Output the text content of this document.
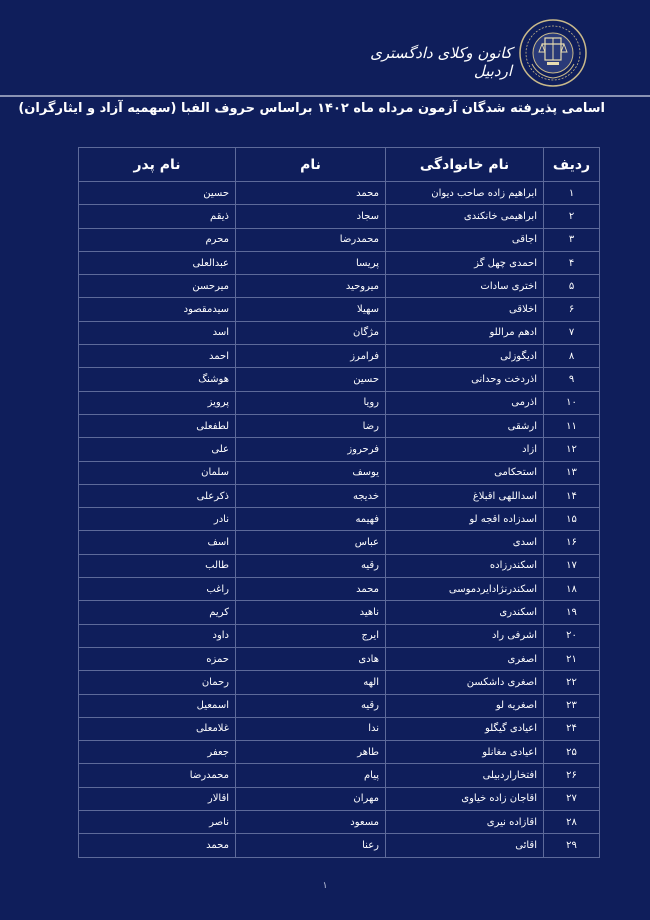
کانون وکلای دادگستری اردبیل
اسامی پذیرفته شدگان آزمون مرداه ماه ۱۴۰۲ براساس حروف الفبا (سهمیه آزاد و ایثارگران)
ردیف	نام خانوادگی	نام	نام پدر
۱	ابراهیم زاده صاحب دیوان	محمد	حسین
۲	ابراهیمی خانکندی	سجاد	ذیقم
۳	اجاقی	محمدرضا	محرم
۴	احمدی چهل گز	پریسا	عبدالعلی
۵	اختری سادات	میروحید	میرحسن
۶	اخلاقی	سهیلا	سیدمقصود
۷	ادهم مراللو	مژگان	اسد
۸	ادیگوزلی	فرامرز	احمد
۹	اذردخت وحدانی	حسین	هوشنگ
۱۰	اذرمی	رویا	پرویز
۱۱	ارشقی	رضا	لطفعلی
۱۲	ازاد	فرحروز	علی
۱۳	استحکامی	یوسف	سلمان
۱۴	اسداللهی اقبلاغ	خدیجه	ذکرعلی
۱۵	اسدزاده اقجه لو	فهیمه	نادر
۱۶	اسدی	عباس	اسف
۱۷	اسکندرزاده	رقیه	طالب
۱۸	اسکندرنژادایردموسی	محمد	راغب
۱۹	اسکندری	ناهید	کریم
۲۰	اشرفی راد	ایرج	داود
۲۱	اصغری	هادی	حمزه
۲۲	اصغری داشکسن	الهه	رحمان
۲۳	اصغریه لو	رقیه	اسمعیل
۲۴	اعیادی گیگلو	ندا	غلامعلی
۲۵	اعیادی مغانلو	طاهر	جعفر
۲۶	افتخاراردبیلی	پیام	محمدرضا
۲۷	اقاجان زاده خیاوی	مهران	اقالار
۲۸	اقازاده نیری	مسعود	ناصر
۲۹	اقائی	رعنا	محمد
۱
